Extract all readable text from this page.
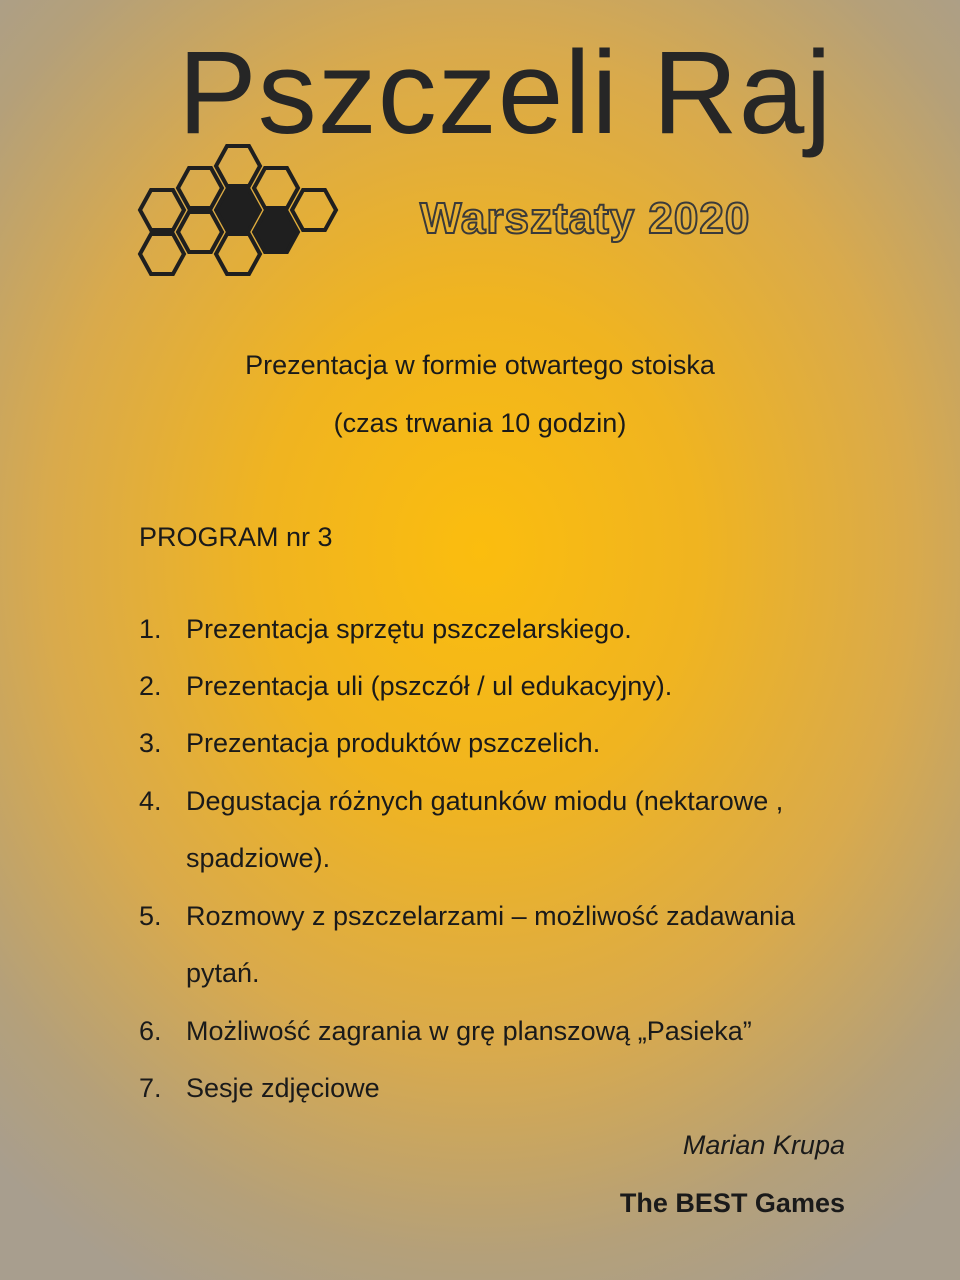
Pszczeli Raj
Warsztaty 2020
Prezentacja w formie otwartego stoiska
(czas trwania 10 godzin)
PROGRAM nr 3
1. Prezentacja sprzętu pszczelarskiego.
2. Prezentacja uli (pszczół / ul edukacyjny).
3. Prezentacja produktów pszczelich.
4. Degustacja różnych gatunków miodu (nektarowe ,
spadziowe).
5. Rozmowy z pszczelarzami – możliwość zadawania
pytań.
6. Możliwość zagrania w grę planszową „Pasieka”
7. Sesje zdjęciowe
Marian Krupa
The BEST Games
